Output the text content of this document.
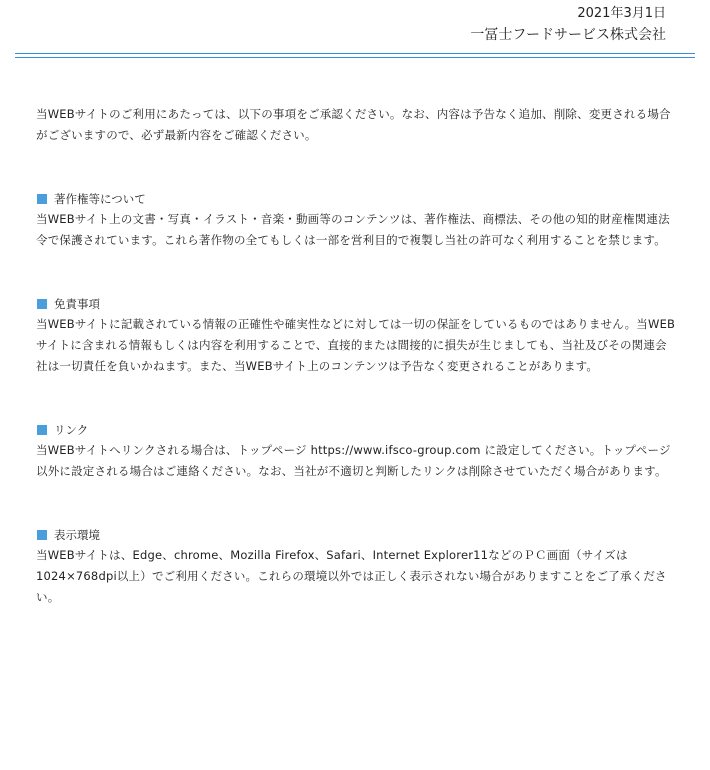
2021年3月1日
一冨士フードサービス株式会社

当WEBサイトのご利用にあたっては、以下の事項をご承認ください。なお、内容は予告なく追加、削除、変更される場合がございますので、必ず最新内容をご確認ください。

著作権等について

当WEBサイト上の文書・写真・イラスト・音楽・動画等のコンテンツは、著作権法、商標法、その他の知的財産権関連法令で保護されています。これら著作物の全てもしくは一部を営利目的で複製し当社の許可なく利用することを禁じます。

免責事項

当WEBサイトに記載されている情報の正確性や確実性などに対しては一切の保証をしているものではありません。当WEBサイトに含まれる情報もしくは内容を利用することで、直接的または間接的に損失が生じましても、当社及びその関連会社は一切責任を負いかねます。また、当WEBサイト上のコンテンツは予告なく変更されることがあります。

リンク

当WEBサイトへリンクされる場合は、トップページ https://www.ifsco-group.com に設定してください。トップページ以外に設定される場合はご連絡ください。なお、当社が不適切と判断したリンクは削除させていただく場合があります。

表示環境

当WEBサイトは、Edge、chrome、Mozilla Firefox、Safari、Internet Explorer11などのＰＣ画面（サイズは1024×768dpi以上）でご利用ください。これらの環境以外では正しく表示されない場合がありますことをご了承ください。
